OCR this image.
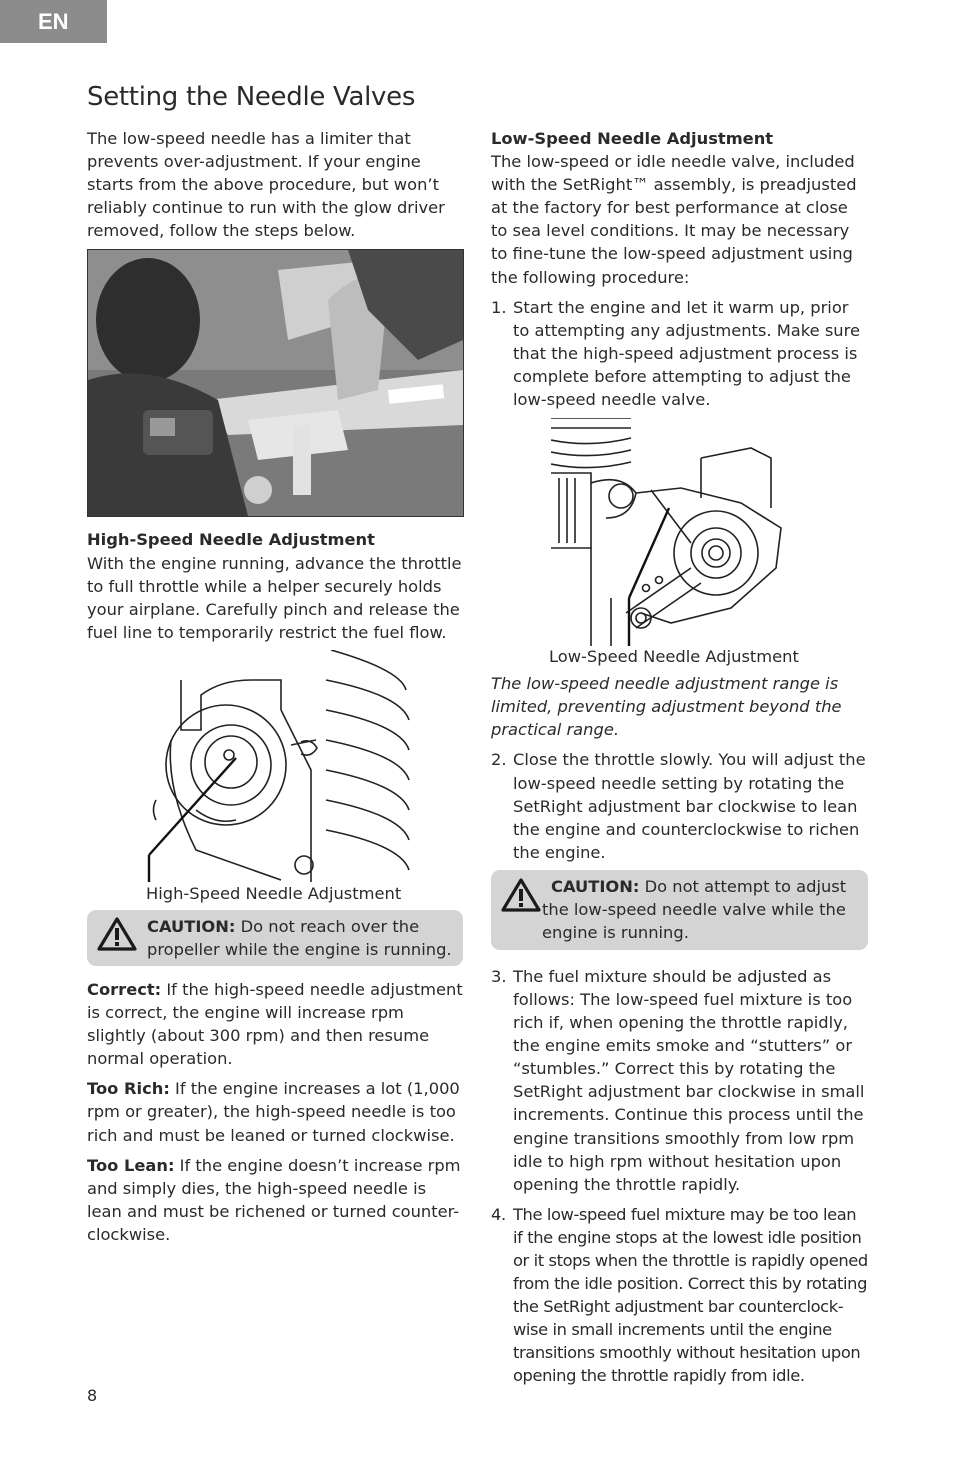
EN
Setting the Needle Valves

The low-speed needle has a limiter that prevents over-adjustment. If your engine starts from the above procedure, but won’t reliably continue to run with the glow driver removed, follow the steps below.

High-Speed Needle Adjustment
With the engine running, advance the throttle to full throttle while a helper securely holds your airplane. Carefully pinch and release the fuel line to temporarily restrict the fuel flow.

High-Speed Needle Adjustment
CAUTION: Do not reach over the propeller while the engine is running.

Correct: If the high-speed needle adjustment is correct, the engine will increase rpm slightly (about 300 rpm) and then resume normal operation.

Too Rich: If the engine increases a lot (1,000 rpm or greater), the high-speed needle is too rich and must be leaned or turned clockwise.

Too Lean: If the engine doesn’t increase rpm and simply dies, the high-speed needle is lean and must be richened or turned counter-clockwise.

Low-Speed Needle Adjustment
The low-speed or idle needle valve, included with the SetRight™ assembly, is preadjusted at the factory for best performance at close to sea level conditions. It may be necessary to fine-tune the low-speed adjustment using the following procedure:

1. Start the engine and let it warm up, prior to attempting any adjustments. Make sure that the high-speed adjustment process is complete before attempting to adjust the low-speed needle valve.
Low-Speed Needle Adjustment

The low-speed needle adjustment range is limited, preventing adjustment beyond the practical range.

2. Close the throttle slowly. You will adjust the low-speed needle setting by rotating the SetRight adjustment bar clockwise to lean the engine and counterclockwise to richen the engine.
CAUTION: Do not attempt to adjust the low-speed needle valve while the engine is running.
3. The fuel mixture should be adjusted as follows: The low-speed fuel mixture is too rich if, when opening the throttle rapidly, the engine emits smoke and “stutters” or “stumbles.” Correct this by rotating the SetRight adjustment bar clockwise in small increments. Continue this process until the engine transitions smoothly from low rpm idle to high rpm without hesitation upon opening the throttle rapidly.
4. The low-speed fuel mixture may be too lean if the engine stops at the lowest idle position or it stops when the throttle is rapidly opened from the idle position. Correct this by rotating the SetRight adjustment bar counterclock-wise in small increments until the engine transitions smoothly without hesitation upon opening the throttle rapidly from idle.
8
